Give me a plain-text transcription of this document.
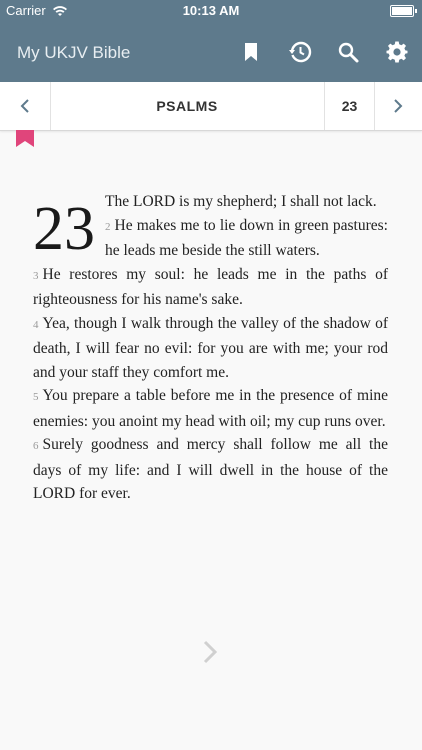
Carrier	10:13 AM
My UKJV Bible
PSALMS	23
23 The LORD is my shepherd; I shall not lack.
2 He makes me to lie down in green pastures: he leads me beside the still waters.
3 He restores my soul: he leads me in the paths of righteousness for his name's sake.
4 Yea, though I walk through the valley of the shadow of death, I will fear no evil: for you are with me; your rod and your staff they comfort me.
5 You prepare a table before me in the presence of mine enemies: you anoint my head with oil; my cup runs over.
6 Surely goodness and mercy shall follow me all the days of my life: and I will dwell in the house of the LORD for ever.
